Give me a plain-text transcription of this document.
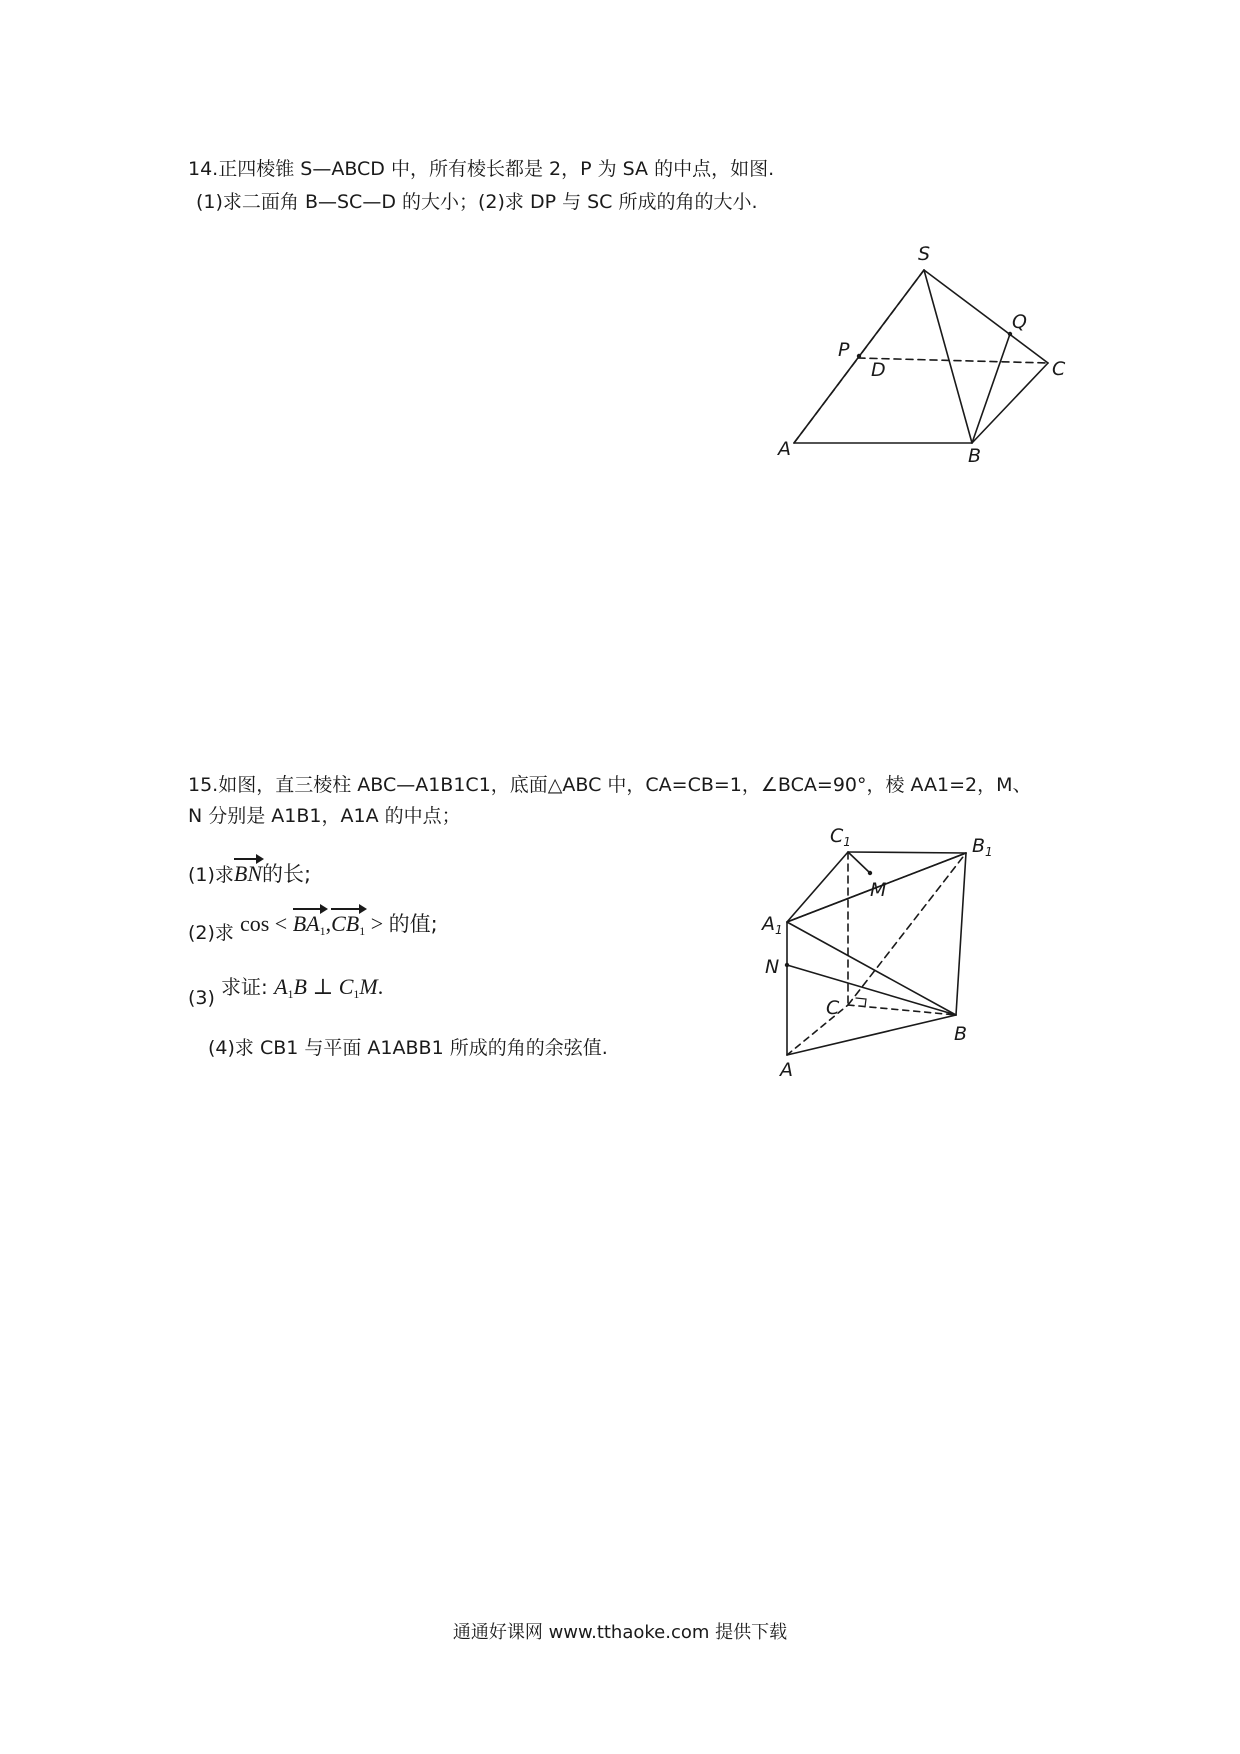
14.正四棱锥 S—ABCD 中，所有棱长都是 2，P 为 SA 的中点，如图.
(1)求二面角 B—SC—D 的大小；(2)求 DP 与 SC 所成的角的大小.
S
Q
P
D	C
A	B
15.如图，直三棱柱 ABC—A1B1C1，底面△ABC 中，CA=CB=1，∠BCA=90°，棱 AA1=2，M、
N 分别是 A1B1，A1A 的中点；
(1)求BN的长;
(2)求 $\cos < BA_1,CB_1$ > 的值;
(3) 求证: $A_1B$ ⊥ $C_1M$.
(4)求 CB1 与平面 A1ABB1 所成的角的余弦值.
$C_1$	$B_1$
$A_1$
M
N
C
B
A
通通好课网 www.tthaoke.com 提供下载
